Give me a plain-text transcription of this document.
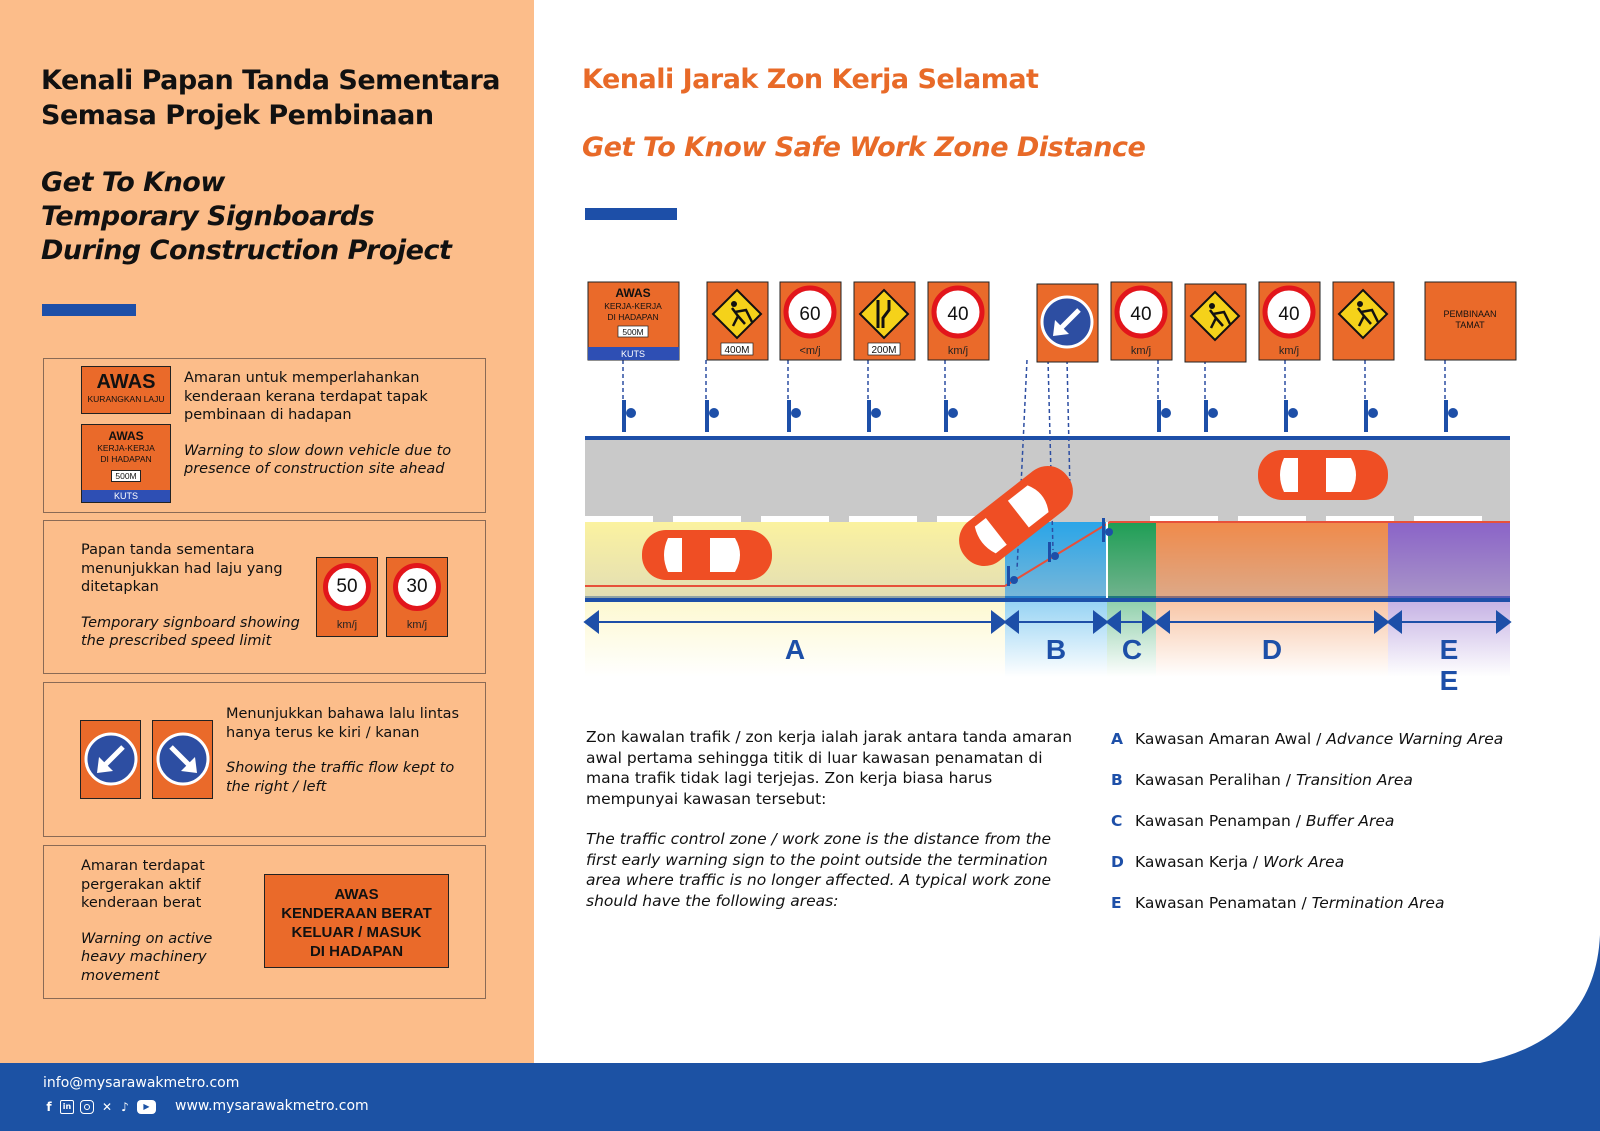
Kenali Papan Tanda Sementara
Semasa Projek Pembinaan
Get To Know
Temporary Signboards
During Construction Project
AWAS
KURANGKAN LAJU
AWAS
KERJA-KERJA
DI HADAPAN
500M
KUTS

Amaran untuk memperlahankan kenderaan kerana terdapat tapak pembinaan di hadapan

Warning to slow down vehicle due to presence of construction site ahead

Papan tanda sementara menunjukkan had laju yang ditetapkan

Temporary signboard showing the prescribed speed limit

50
km/j
30
km/j

Menunjukkan bahawa lalu lintas hanya terus ke kiri / kanan

Showing the traffic flow kept to the right / left

Amaran terdapat pergerakan aktif kenderaan berat

Warning on active heavy machinery movement

AWAS
KENDERAAN BERAT
KELUAR / MASUK
DI HADAPAN
Kenali Jarak Zon Kerja Selamat
Get To Know Safe Work Zone Distance
A	B C	D	E
E
AWAS
KERJA-KERJA
DI HADAPAN
500M
KUTS	400M
60
<m/j	200M
40
km/j
40
km/j
40
km/j
PEMBINAAN
TAMAT

Zon kawalan trafik / zon kerja ialah jarak antara tanda amaran awal pertama sehingga titik di luar kawasan penamatan di mana trafik tidak lagi terjejas. Zon kerja biasa harus mempunyai kawasan tersebut:

The traffic control zone / work zone is the distance from the first early warning sign to the point outside the termination area where traffic is no longer affected. A typical work zone should have the following areas:

A Kawasan Amaran Awal /
Advance Warning Area
B Kawasan Peralihan /
Transition Area
C Kawasan Penampan /
Buffer Area
D Kawasan Kerja /
Work Area
E Kawasan Penamatan /
Termination Area
info@mysarawakmetro.com
f	in	✕ ♪	▶	www.mysarawakmetro.com
